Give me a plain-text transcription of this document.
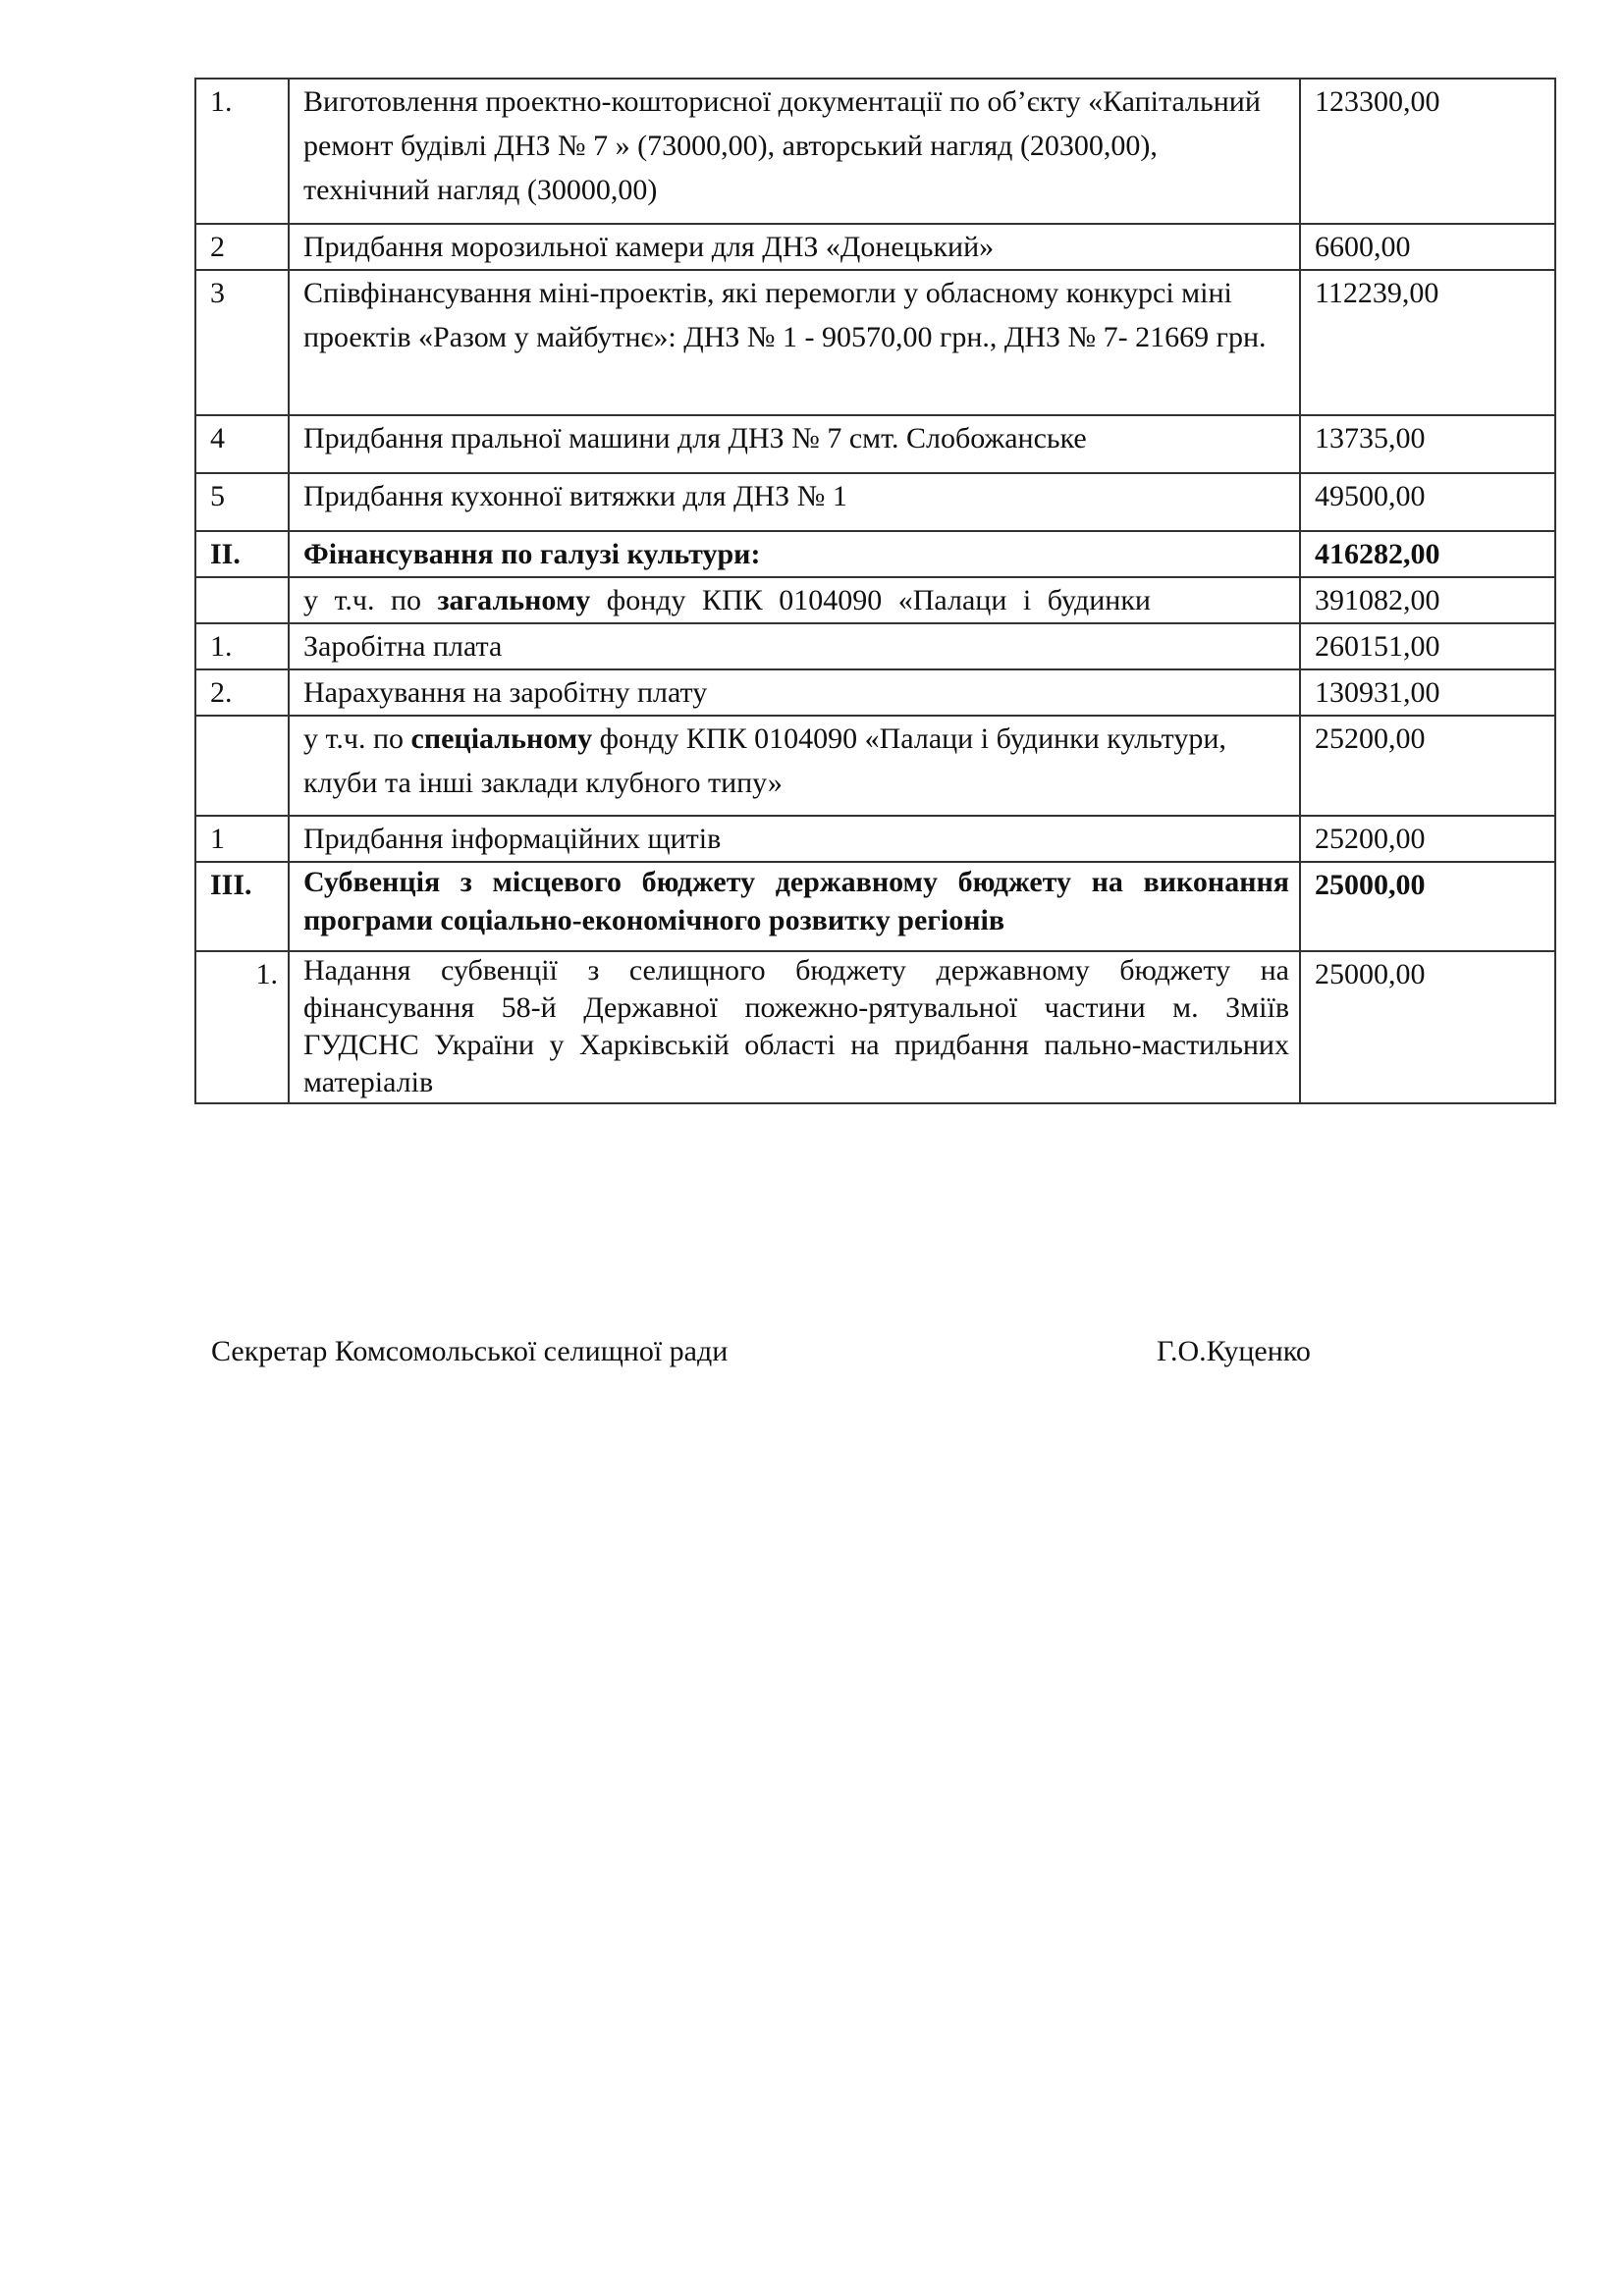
1.	Виготовлення проектно-кошторисної документації по об’єкту «Капітальний ремонт будівлі ДНЗ № 7 » (73000,00), авторський нагляд (20300,00), технічний нагляд (30000,00)	123300,00
2	Придбання морозильної камери для ДНЗ «Донецький»	6600,00
3	Співфінансування міні-проектів, які перемогли у обласному конкурсі міні проектів «Разом у майбутнє»: ДНЗ № 1 - 90570,00 грн., ДНЗ № 7- 21669 грн.	112239,00
4	Придбання пральної машини для ДНЗ № 7 смт. Слобожанське	13735,00
5	Придбання кухонної витяжки для ДНЗ № 1	49500,00
ІІ.	Фінансування по галузі культури:	416282,00
	у т.ч. по загальному фонду КПК 0104090 «Палаци і будинки	391082,00
1.	Заробітна плата	260151,00
2.	Нарахування на заробітну плату	130931,00
	у т.ч. по спеціальному фонду КПК 0104090 «Палаци і будинки культури, клуби та інші заклади клубного типу»	25200,00
1	Придбання інформаційних щитів	25200,00
ІІІ.	Субвенція з місцевого бюджету державному бюджету на виконання програми соціально-економічного розвитку регіонів	25000,00
1.	Надання субвенції з селищного бюджету державному бюджету на фінансування 58-й Державної пожежно-рятувальної частини м. Зміїв ГУДСНС України у Харківській області на придбання пально-мастильних матеріалів	25000,00
Секретар Комсомольської селищної ради	Г.О.Куценко
